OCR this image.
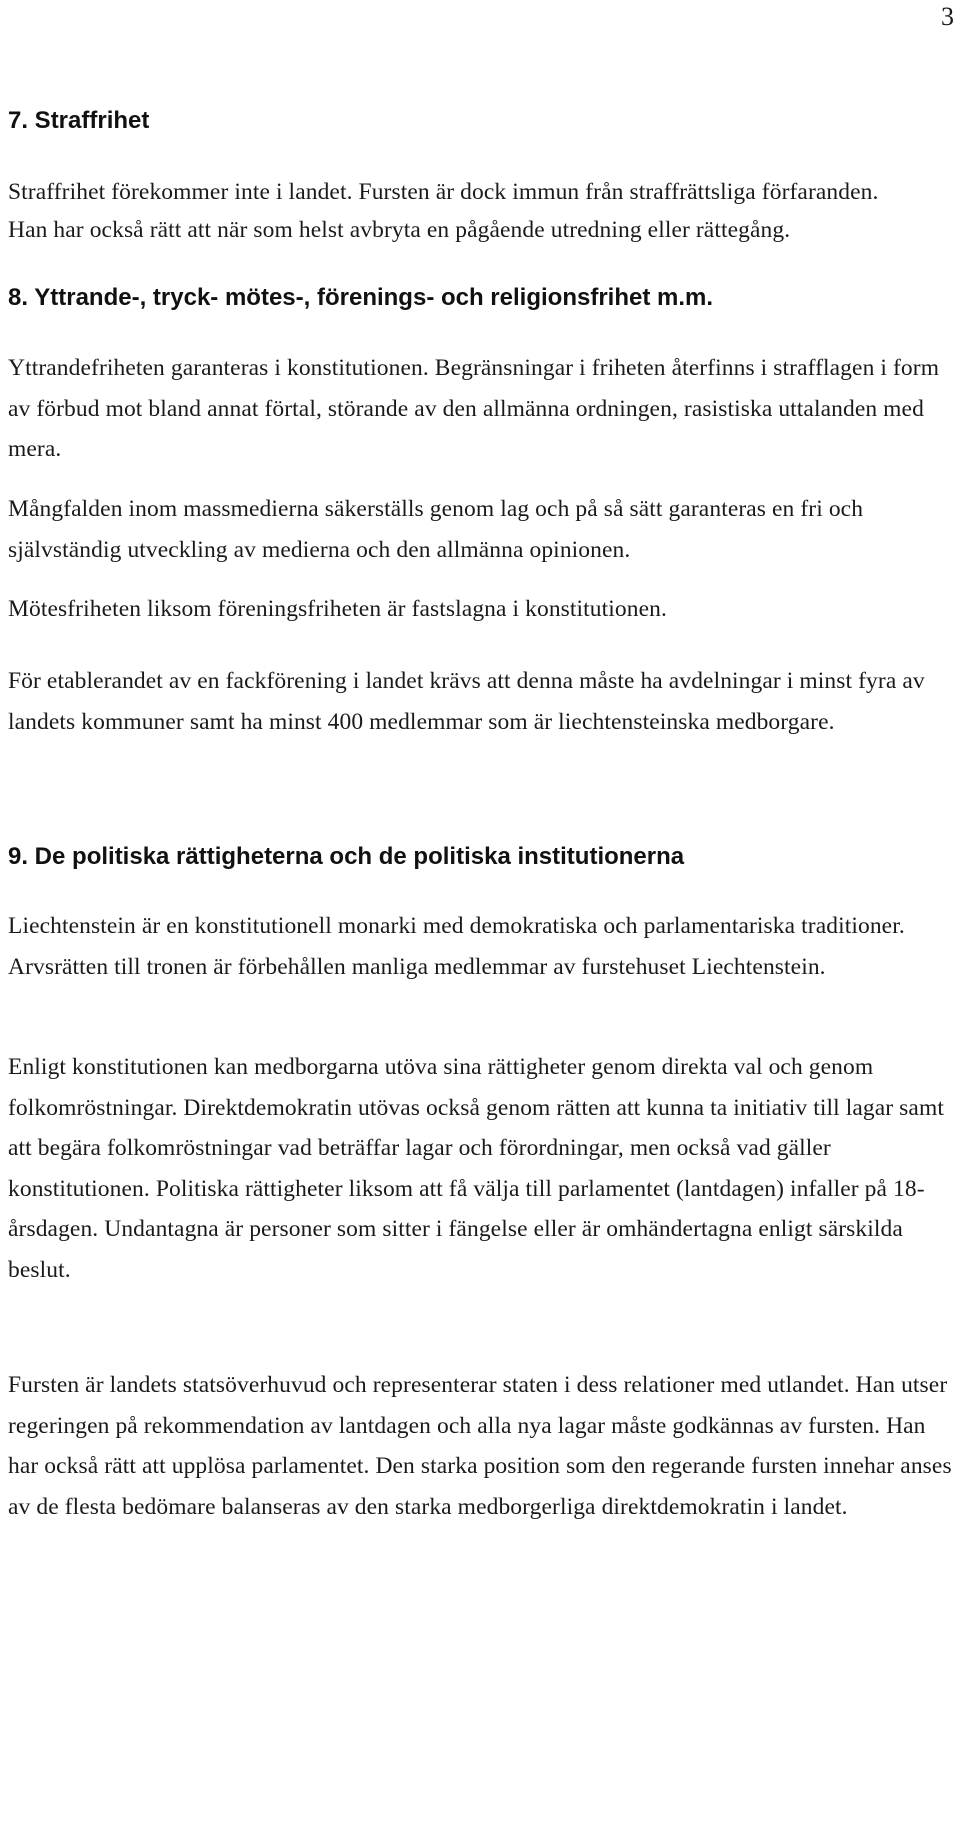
3
7. Straffrihet

Straffrihet förekommer inte i landet. Fursten är dock immun från straffrättsliga förfaranden. Han har också rätt att när som helst avbryta en pågående utredning eller rättegång.

8. Yttrande-, tryck- mötes-, förenings- och religionsfrihet m.m.

Yttrandefriheten garanteras i konstitutionen. Begränsningar i friheten återfinns i strafflagen i form av förbud mot bland annat förtal, störande av den allmänna ordningen, rasistiska uttalanden med mera.

Mångfalden inom massmedierna säkerställs genom lag och på så sätt garanteras en fri och självständig utveckling av medierna och den allmänna opinionen.

Mötesfriheten liksom föreningsfriheten är fastslagna i konstitutionen.

För etablerandet av en fackförening i landet krävs att denna måste ha avdelningar i minst fyra av landets kommuner samt ha minst 400 medlemmar som är liechtensteinska medborgare.

9. De politiska rättigheterna och de politiska institutionerna

Liechtenstein är en konstitutionell monarki med demokratiska och parlamentariska traditioner. Arvsrätten till tronen är förbehållen manliga medlemmar av furstehuset Liechtenstein.

Enligt konstitutionen kan medborgarna utöva sina rättigheter genom direkta val och genom folkomröstningar. Direktdemokratin utövas också genom rätten att kunna ta initiativ till lagar samt att begära folkomröstningar vad beträffar lagar och förordningar, men också vad gäller konstitutionen. Politiska rättigheter liksom att få välja till parlamentet (lantdagen) infaller på 18-årsdagen. Undantagna är personer som sitter i fängelse eller är omhändertagna enligt särskilda beslut.

Fursten är landets statsöverhuvud och representerar staten i dess relationer med utlandet. Han utser regeringen på rekommendation av lantdagen och alla nya lagar måste godkännas av fursten. Han har också rätt att upplösa parlamentet. Den starka position som den regerande fursten innehar anses av de flesta bedömare balanseras av den starka medborgerliga direktdemokratin i landet.
